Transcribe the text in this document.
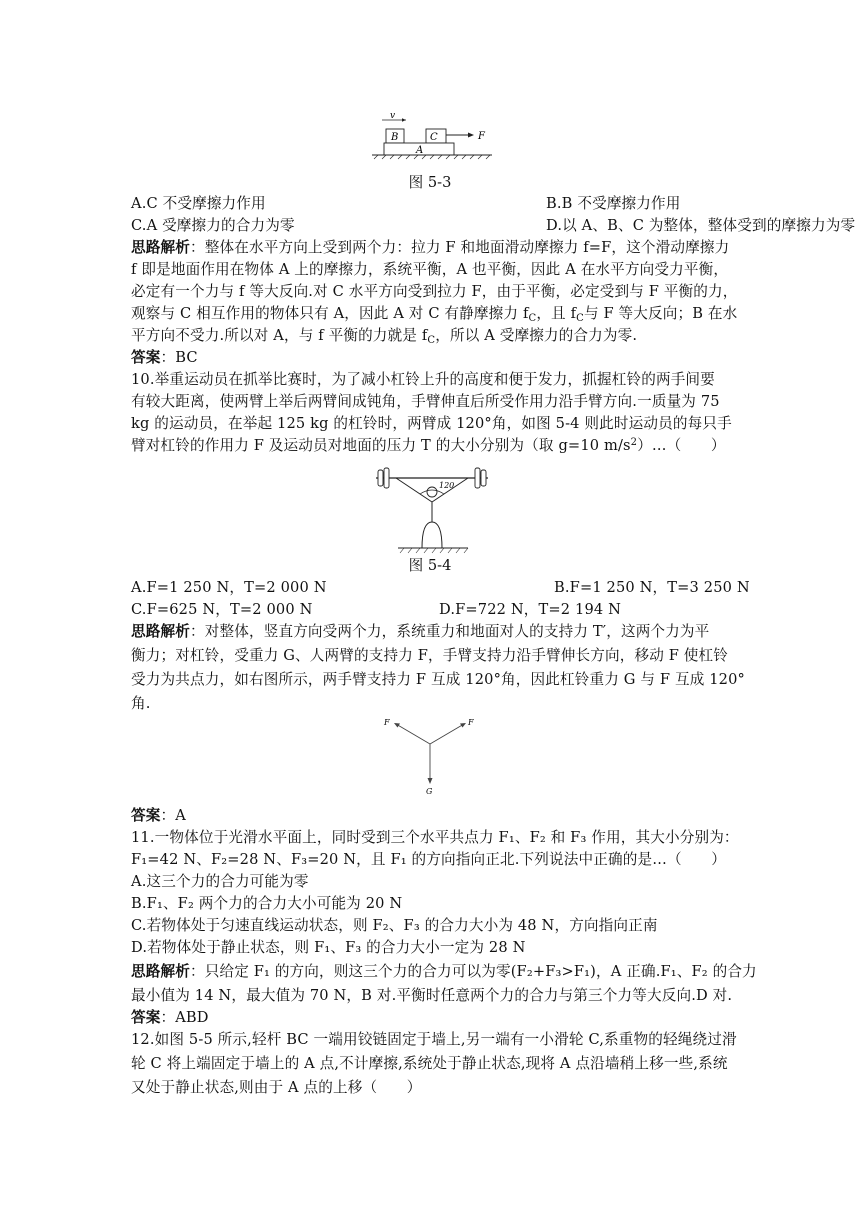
v
B	C	F
A
图 5-3
A.C 不受摩擦力作用	B.B 不受摩擦力作用
C.A 受摩擦力的合力为零	D.以 A、B、C 为整体，整体受到的摩擦力为零
思路解析：整体在水平方向上受到两个力：拉力 F 和地面滑动摩擦力 f=F，这个滑动摩擦力
f 即是地面作用在物体 A 上的摩擦力，系统平衡，A 也平衡，因此 A 在水平方向受力平衡，
必定有一个力与 f 等大反向.对 C 水平方向受到拉力 F，由于平衡，必定受到与 F 平衡的力，
观察与 C 相互作用的物体只有 A，因此 A 对 C 有静摩擦力 $f_C$，且 $f_C$与 F 等大反向；B 在水
平方向不受力.所以对 A，与 f 平衡的力就是 $f_C$，所以 A 受摩擦力的合力为零.
答案：BC
10.举重运动员在抓举比赛时，为了减小杠铃上升的高度和便于发力，抓握杠铃的两手间要
有较大距离，使两臂上举后两臂间成钝角，手臂伸直后所受作用力沿手臂方向.一质量为 75
kg 的运动员，在举起 125 kg 的杠铃时，两臂成 120°角，如图 5-4 则此时运动员的每只手
臂对杠铃的作用力 F 及运动员对地面的压力 T 的大小分别为（取 g=10 $m/s^2)\dots$（　　）
120
图 5-4
A.F=1 250 N，T=2 000 N	B.F=1 250 N，T=3 250 N
C.F=625 N，T=2 000 N	D.F=722 N，T=2 194 N
思路解析：对整体，竖直方向受两个力，系统重力和地面对人的支持力 T′，这两个力为平
衡力；对杠铃，受重力 G、人两臂的支持力 F，手臂支持力沿手臂伸长方向，移动 F 使杠铃
受力为共点力，如右图所示，两手臂支持力 F 互成 120°角，因此杠铃重力 G 与 F 互成 120°
角.
F	F
G
答案：A
11.一物体位于光滑水平面上，同时受到三个水平共点力 F₁、F₂ 和 F₃ 作用，其大小分别为：
F₁=42 N、F₂=28 N、F₃=20 N，且 F₁ 的方向指向正北.下列说法中正确的是…（　　）
A.这三个力的合力可能为零
B.F₁、F₂ 两个力的合力大小可能为 20 N
C.若物体处于匀速直线运动状态，则 F₂、F₃ 的合力大小为 48 N，方向指向正南
D.若物体处于静止状态，则 F₁、F₃ 的合力大小一定为 28 N
思路解析：只给定 F₁ 的方向，则这三个力的合力可以为零(F₂+F₃>F₁)，A 正确.F₁、F₂ 的合力
最小值为 14 N，最大值为 70 N，B 对.平衡时任意两个力的合力与第三个力等大反向.D 对.
答案：ABD
12.如图 5-5 所示,轻杆 BC 一端用铰链固定于墙上,另一端有一小滑轮 C,系重物的轻绳绕过滑
轮 C 将上端固定于墙上的 A 点,不计摩擦,系统处于静止状态,现将 A 点沿墙稍上移一些,系统
又处于静止状态,则由于 A 点的上移（　　）
